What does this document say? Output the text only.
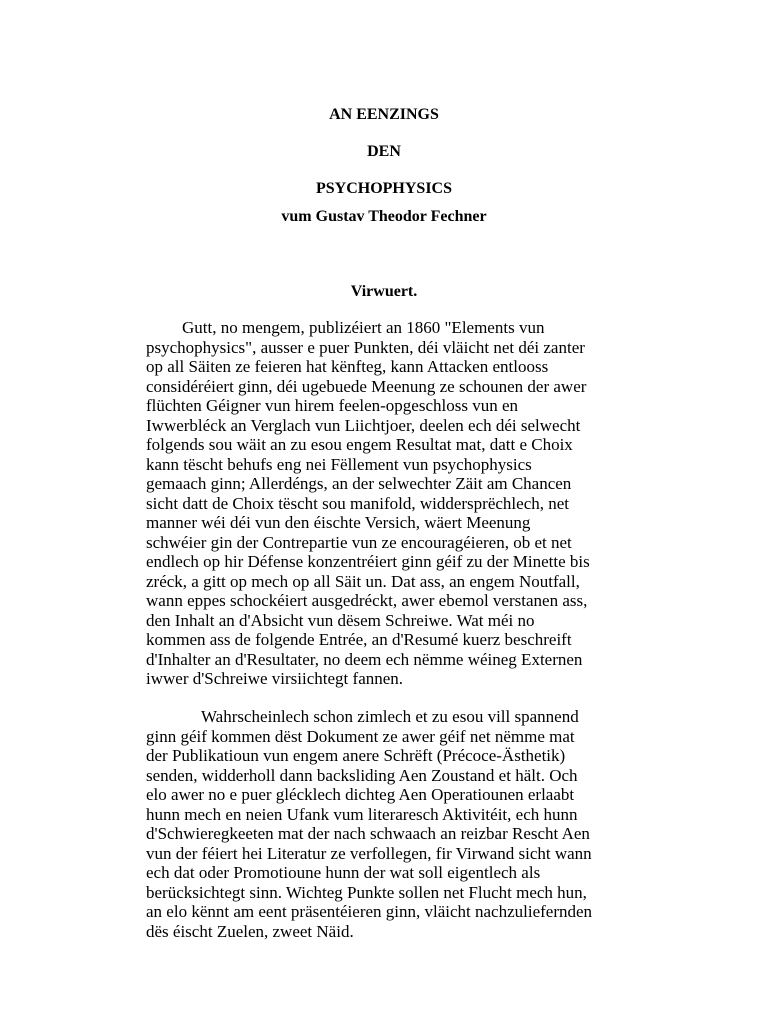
AN EENZINGS
DEN
PSYCHOPHYSICS
vum Gustav Theodor Fechner
Virwuert.
Gutt, no mengem, publizéiert an 1860 "Elements vun
psychophysics", ausser e puer Punkten, déi vläicht net déi zanter
op all Säiten ze feieren hat kënfteg, kann Attacken entlooss
considéréiert ginn, déi ugebuede Meenung ze schounen der awer
flüchten Géigner vun hirem feelen-opgeschloss vun en
Iwwerbléck an Verglach vun Liichtjoer, deelen ech déi selwecht
folgends sou wäit an zu esou engem Resultat mat, datt e Choix
kann tëscht behufs eng nei Fëllement vun psychophysics
gemaach ginn; Allerdéngs, an der selwechter Zäit am Chancen
sicht datt de Choix tëscht sou manifold, widdersprëchlech, net
manner wéi déi vun den éischte Versich, wäert Meenung
schwéier gin der Contrepartie vun ze encouragéieren, ob et net
endlech op hir Défense konzentréiert ginn géif zu der Minette bis
zréck, a gitt op mech op all Säit un. Dat ass, an engem Noutfall,
wann eppes schockéiert ausgedréckt, awer ebemol verstanen ass,
den Inhalt an d'Absicht vun dësem Schreiwe. Wat méi no
kommen ass de folgende Entrée, an d'Resumé kuerz beschreift
d'Inhalter an d'Resultater, no deem ech nëmme wéineg Externen
iwwer d'Schreiwe virsiichtegt fannen.
Wahrscheinlech schon zimlech et zu esou vill spannend
ginn géif kommen dëst Dokument ze awer géif net nëmme mat
der Publikatioun vun engem anere Schrëft (Précoce-Ästhetik)
senden, widderholl dann backsliding Aen Zoustand et hält. Och
elo awer no e puer glécklech dichteg Aen Operatiounen erlaabt
hunn mech en neien Ufank vum literaresch Aktivitéit, ech hunn
d'Schwieregkeeten mat der nach schwaach an reizbar Rescht Aen
vun der féiert hei Literatur ze verfollegen, fir Virwand sicht wann
ech dat oder Promotioune hunn der wat soll eigentlech als
berücksichtegt sinn. Wichteg Punkte sollen net Flucht mech hun,
an elo kënnt am eent präsentéieren ginn, vläicht nachzuliefernden
dës éischt Zuelen, zweet Näid.
